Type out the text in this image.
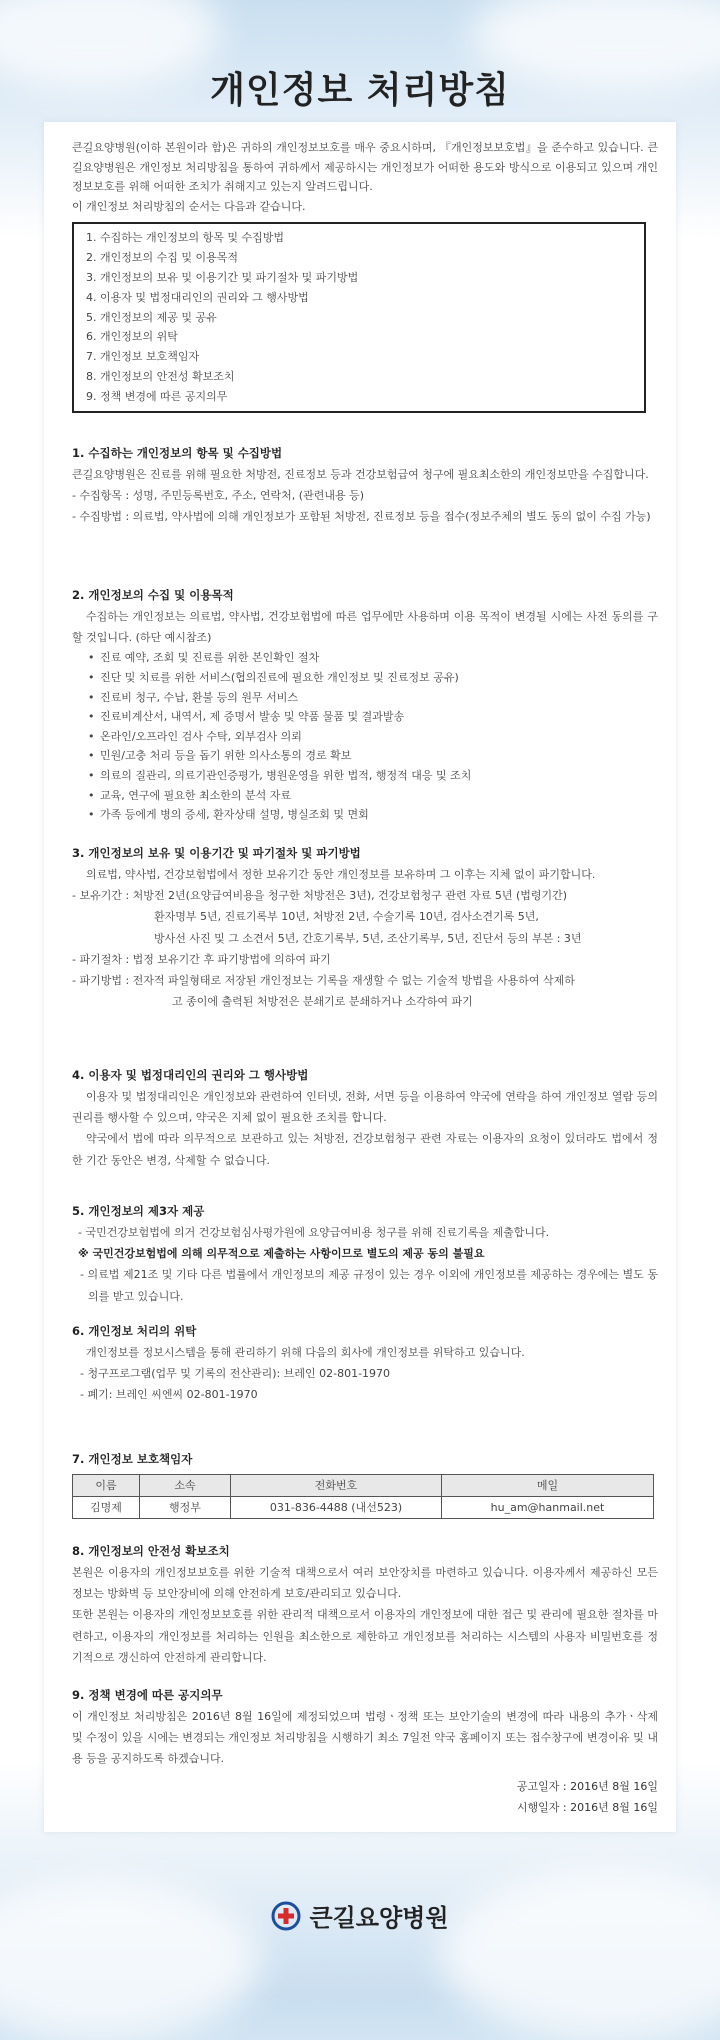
개인정보 처리방침

큰길요양병원(이하 본원이라 함)은 귀하의 개인정보보호를 매우 중요시하며, 『개인정보보호법』을 준수하고 있습니다. 큰길요양병원은 개인정보 처리방침을 통하여 귀하께서 제공하시는 개인정보가 어떠한 용도와 방식으로 이용되고 있으며 개인정보보호를 위해 어떠한 조치가 취해지고 있는지 알려드립니다.

이 개인정보 처리방침의 순서는 다음과 같습니다.

1. 수집하는 개인정보의 항목 및 수집방법
2. 개인정보의 수집 및 이용목적
3. 개인정보의 보유 및 이용기간 및 파기절차 및 파기방법
4. 이용자 및 법정대리인의 권리와 그 행사방법
5. 개인정보의 제공 및 공유
6. 개인정보의 위탁
7. 개인정보 보호책임자
8. 개인정보의 안전성 확보조치
9. 정책 변경에 따른 공지의무
1. 수집하는 개인정보의 항목 및 수집방법

큰길요양병원은 진료를 위해 필요한 처방전, 진료정보 등과 건강보험급여 청구에 필요최소한의 개인정보만을 수집합니다.

- 수집항목 : 성명, 주민등록번호, 주소, 연락처, (관련내용 등)

- 수집방법 : 의료법, 약사법에 의해 개인정보가 포함된 처방전, 진료정보 등을 접수(정보주체의 별도 동의 없이 수집 가능)

2. 개인정보의 수집 및 이용목적

수집하는 개인정보는 의료법, 약사법, 건강보험법에 따른 업무에만 사용하며 이용 목적이 변경될 시에는 사전 동의를 구할 것입니다. (하단 예시참조)

• 진료 예약, 조회 및 진료를 위한 본인확인 절차
• 진단 및 치료를 위한 서비스(협의진료에 필요한 개인정보 및 진료정보 공유)
• 진료비 청구, 수납, 환불 등의 원무 서비스
• 진료비계산서, 내역서, 제 증명서 발송 및 약품 물품 및 결과발송
• 온라인/오프라인 검사 수탁, 외부검사 의뢰
• 민원/고충 처리 등을 돕기 위한 의사소통의 경로 확보
• 의료의 질관리, 의료기관인증평가, 병원운영을 위한 법적, 행정적 대응 및 조치
• 교육, 연구에 필요한 최소한의 분석 자료
• 가족 등에게 병의 증세, 환자상태 설명, 병실조회 및 면회
3. 개인정보의 보유 및 이용기간 및 파기절차 및 파기방법

의료법, 약사법, 건강보험법에서 정한 보유기간 동안 개인정보를 보유하며 그 이후는 지체 없이 파기합니다.

- 보유기간 : 처방전 2년(요양급여비용을 청구한 처방전은 3년), 건강보험청구 관련 자료 5년 (법령기간)

환자명부 5년, 진료기록부 10년, 처방전 2년, 수술기록 10년, 검사소견기록 5년,

방사선 사진 및 그 소견서 5년, 간호기록부, 5년, 조산기록부, 5년, 진단서 등의 부본 : 3년

- 파기절차 : 법정 보유기간 후 파기방법에 의하여 파기

- 파기방법 : 전자적 파일형태로 저장된 개인정보는 기록을 재생할 수 없는 기술적 방법을 사용하여 삭제하

고 종이에 출력된 처방전은 분쇄기로 분쇄하거나 소각하여 파기

4. 이용자 및 법정대리인의 권리와 그 행사방법

이용자 및 법정대리인은 개인정보와 관련하여 인터넷, 전화, 서면 등을 이용하여 약국에 연락을 하여 개인정보 열람 등의 권리를 행사할 수 있으며, 약국은 지체 없이 필요한 조치를 합니다.

약국에서 법에 따라 의무적으로 보관하고 있는 처방전, 건강보험청구 관련 자료는 이용자의 요청이 있더라도 법에서 정한 기간 동안은 변경, 삭제할 수 없습니다.

5. 개인정보의 제3자 제공

- 국민건강보험법에 의거 건강보험심사평가원에 요양급여비용 청구를 위해 진료기록을 제출합니다.

※ 국민건강보험법에 의해 의무적으로 제출하는 사항이므로 별도의 제공 동의 불필요

- 의료법 제21조 및 기타 다른 법률에서 개인정보의 제공 규정이 있는 경우 이외에 개인정보를 제공하는 경우에는 별도 동의를 받고 있습니다.

6. 개인정보 처리의 위탁

개인정보를 정보시스템을 통해 관리하기 위해 다음의 회사에 개인정보를 위탁하고 있습니다.

- 청구프로그램(업무 및 기록의 전산관리): 브레인 02-801-1970

- 폐기: 브레인 씨엔씨 02-801-1970

7. 개인정보 보호책임자
이름	소속	전화번호	메일
김명제	행정부	031-836-4488 (내선523)	hu_am@hanmail.net
8. 개인정보의 안전성 확보조치

본원은 이용자의 개인정보보호를 위한 기술적 대책으로서 여러 보안장치를 마련하고 있습니다. 이용자께서 제공하신 모든 정보는 방화벽 등 보안장비에 의해 안전하게 보호/관리되고 있습니다.

또한 본원는 이용자의 개인정보보호를 위한 관리적 대책으로서 이용자의 개인정보에 대한 접근 및 관리에 필요한 절차를 마련하고, 이용자의 개인정보를 처리하는 인원을 최소한으로 제한하고 개인정보를 처리하는 시스템의 사용자 비밀번호를 정기적으로 갱신하여 안전하게 관리합니다.

9. 정책 변경에 따른 공지의무

이 개인정보 처리방침은 2016년 8월 16일에 제정되었으며 법령ㆍ정책 또는 보안기술의 변경에 따라 내용의 추가ㆍ삭제 및 수정이 있을 시에는 변경되는 개인정보 처리방침을 시행하기 최소 7일전 약국 홈페이지 또는 접수창구에 변경이유 및 내용 등을 공지하도록 하겠습니다.

공고일자 : 2016년 8월 16일
시행일자 : 2016년 8월 16일
큰길요양병원
